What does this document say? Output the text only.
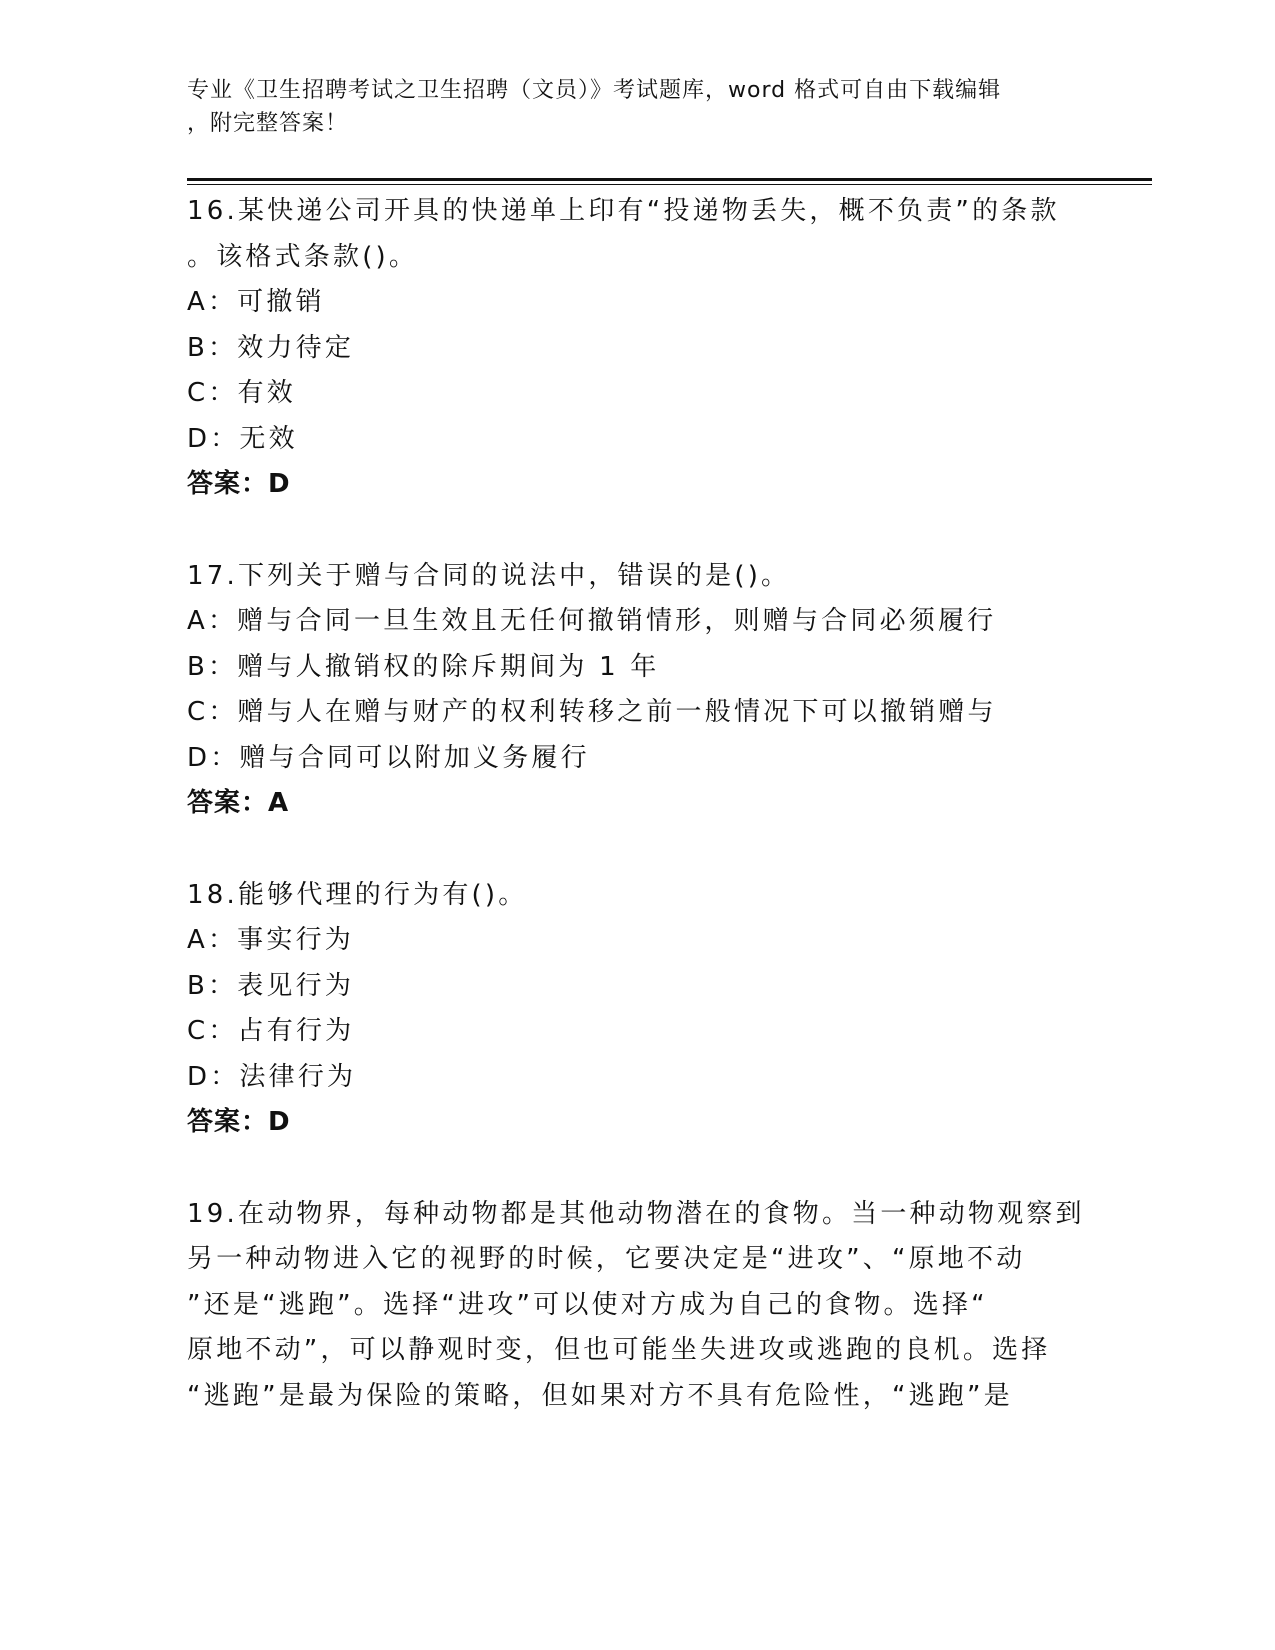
专业《卫生招聘考试之卫生招聘（文员）》考试题库，word 格式可自由下载编辑
，附完整答案！
16.某快递公司开具的快递单上印有“投递物丢失，概不负责”的条款
。该格式条款()。
A：可撤销
B：效力待定
C：有效
D：无效
答案：D
17.下列关于赠与合同的说法中，错误的是()。
A：赠与合同一旦生效且无任何撤销情形，则赠与合同必须履行
B：赠与人撤销权的除斥期间为 1 年
C：赠与人在赠与财产的权利转移之前一般情况下可以撤销赠与
D：赠与合同可以附加义务履行
答案：A
18.能够代理的行为有()。
A：事实行为
B：表见行为
C：占有行为
D：法律行为
答案：D
19.在动物界，每种动物都是其他动物潜在的食物。当一种动物观察到
另一种动物进入它的视野的时候，它要决定是“进攻”、“原地不动
”还是“逃跑”。选择“进攻”可以使对方成为自己的食物。选择“
原地不动”，可以静观时变，但也可能坐失进攻或逃跑的良机。选择
“逃跑”是最为保险的策略，但如果对方不具有危险性，“逃跑”是
